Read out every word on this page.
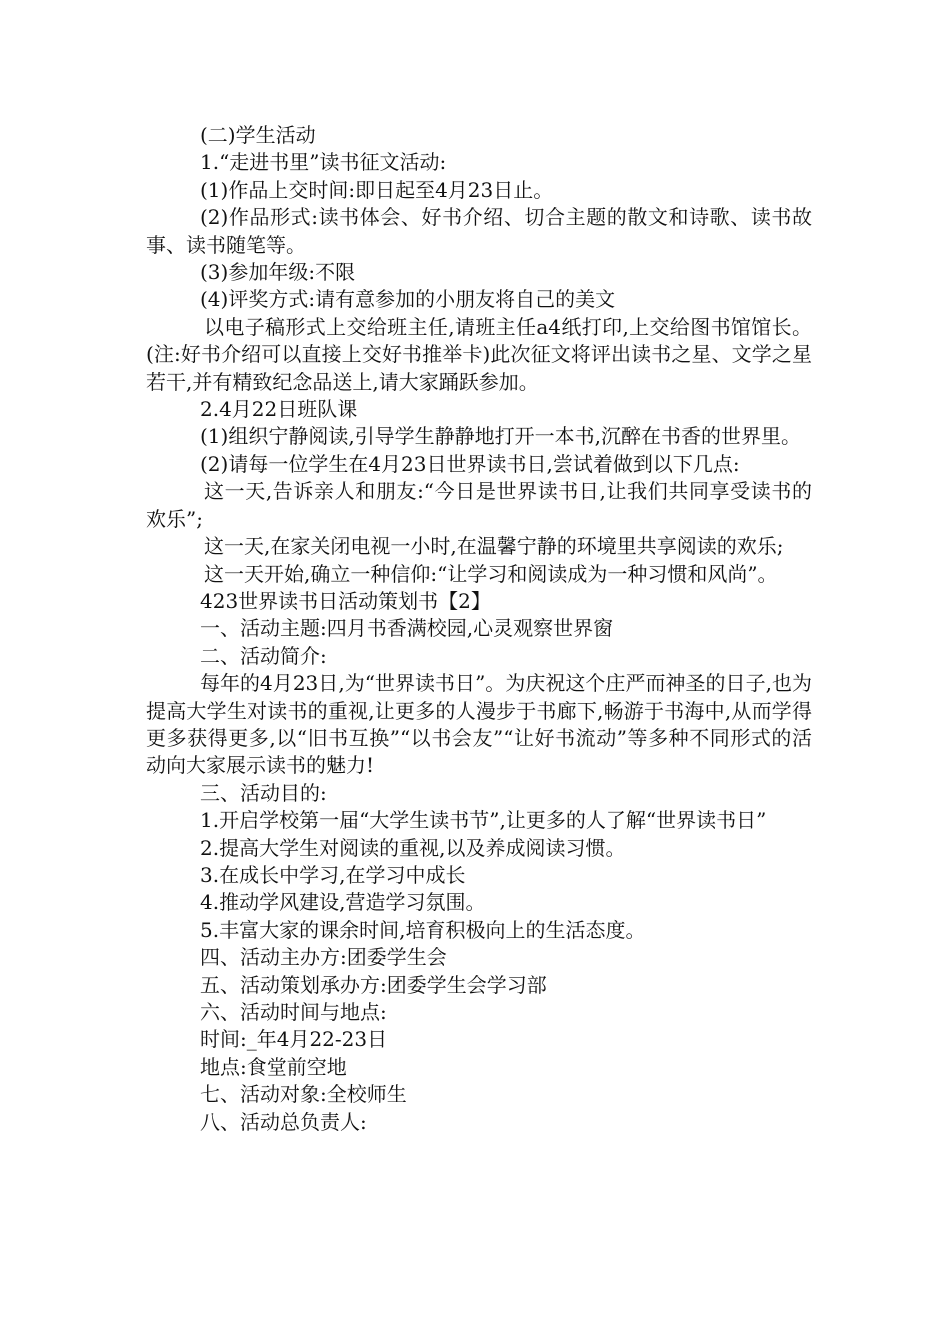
(二)学生活动

1.“走进书里”读书征文活动:

(1)作品上交时间:即日起至4月23日止。

(2)作品形式:读书体会、好书介绍、切合主题的散文和诗歌、读书故事、读书随笔等。

(3)参加年级:不限

(4)评奖方式:请有意参加的小朋友将自己的美文

以电子稿形式上交给班主任,请班主任a4纸打印,上交给图书馆馆长。(注:好书介绍可以直接上交好书推举卡)此次征文将评出读书之星、文学之星若干,并有精致纪念品送上,请大家踊跃参加。

2.4月22日班队课

(1)组织宁静阅读,引导学生静静地打开一本书,沉醉在书香的世界里。

(2)请每一位学生在4月23日世界读书日,尝试着做到以下几点:

这一天,告诉亲人和朋友:“今日是世界读书日,让我们共同享受读书的欢乐”;

这一天,在家关闭电视一小时,在温馨宁静的环境里共享阅读的欢乐;

这一天开始,确立一种信仰:“让学习和阅读成为一种习惯和风尚”。

423世界读书日活动策划书【2】

一、活动主题:四月书香满校园,心灵观察世界窗

二、活动简介:

每年的4月23日,为“世界读书日”。为庆祝这个庄严而神圣的日子,也为提高大学生对读书的重视,让更多的人漫步于书廊下,畅游于书海中,从而学得更多获得更多,以“旧书互换”“以书会友”“让好书流动”等多种不同形式的活动向大家展示读书的魅力!

三、活动目的:

1.开启学校第一届“大学生读书节”,让更多的人了解“世界读书日”

2.提高大学生对阅读的重视,以及养成阅读习惯。

3.在成长中学习,在学习中成长

4.推动学风建设,营造学习氛围。

5.丰富大家的课余时间,培育积极向上的生活态度。

四、活动主办方:团委学生会

五、活动策划承办方:团委学生会学习部

六、活动时间与地点:

时间:_年4月22-23日

地点:食堂前空地

七、活动对象:全校师生

八、活动总负责人:
